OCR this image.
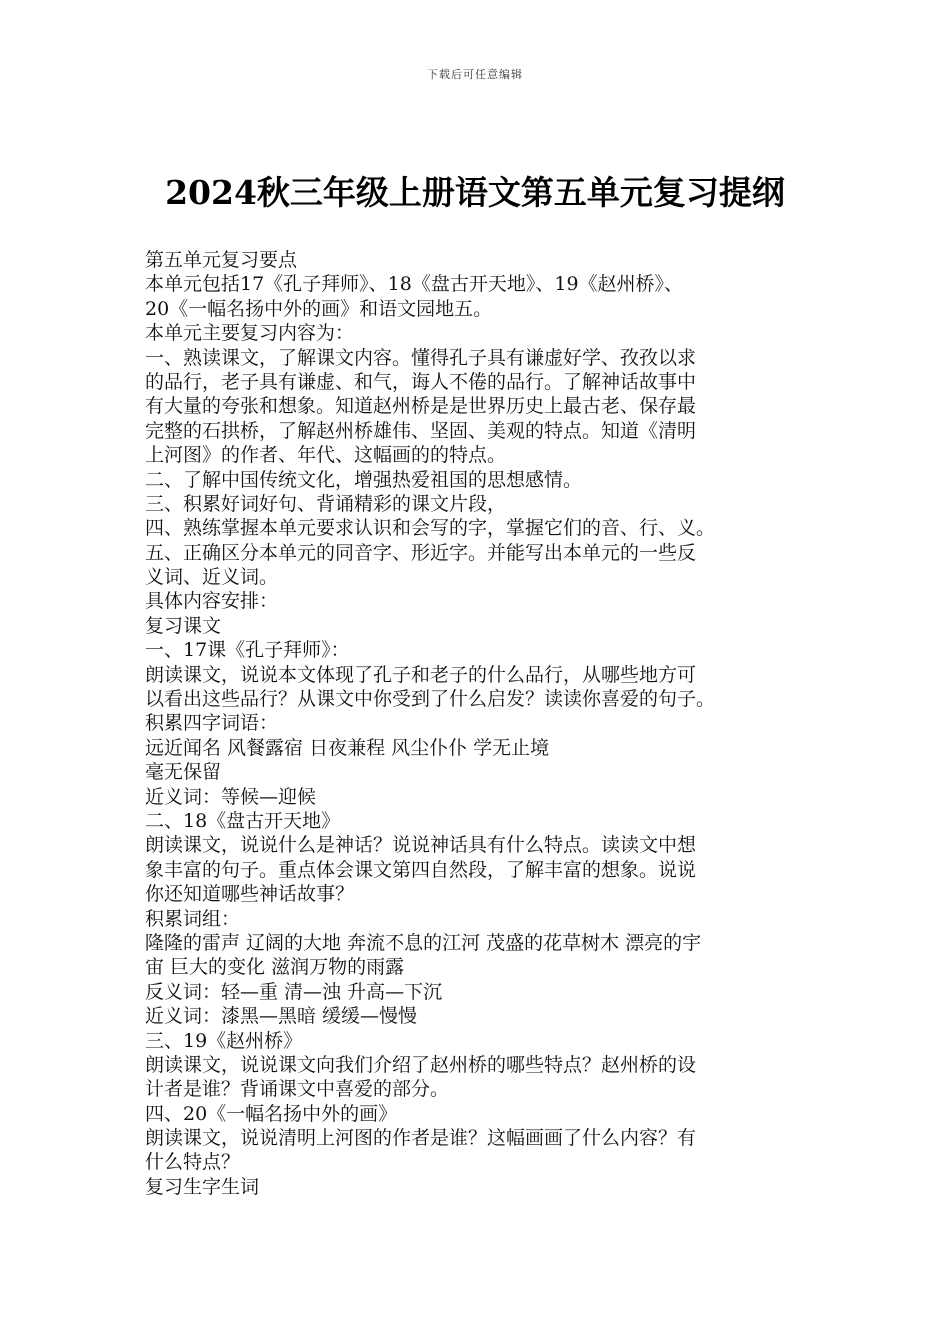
下载后可任意编辑
2024秋三年级上册语文第五单元复习提纲
第五单元复习要点
本单元包括17《孔子拜师》、18《盘古开天地》、19《赵州桥》、
20《一幅名扬中外的画》和语文园地五。
本单元主要复习内容为：
一、熟读课文，了解课文内容。懂得孔子具有谦虚好学、孜孜以求
的品行，老子具有谦虚、和气，诲人不倦的品行。了解神话故事中
有大量的夸张和想象。知道赵州桥是是世界历史上最古老、保存最
完整的石拱桥，了解赵州桥雄伟、坚固、美观的特点。知道《清明
上河图》的作者、年代、这幅画的的特点。
二、了解中国传统文化，增强热爱祖国的思想感情。
三、积累好词好句、背诵精彩的课文片段，
四、熟练掌握本单元要求认识和会写的字，掌握它们的音、行、义。
五、正确区分本单元的同音字、形近字。并能写出本单元的一些反
义词、近义词。
具体内容安排：
复习课文
一、17课《孔子拜师》：
朗读课文，说说本文体现了孔子和老子的什么品行，从哪些地方可
以看出这些品行？从课文中你受到了什么启发？读读你喜爱的句子。
积累四字词语：
远近闻名 风餐露宿 日夜兼程 风尘仆仆 学无止境
毫无保留
近义词：等候—迎候
二、18《盘古开天地》
朗读课文，说说什么是神话？说说神话具有什么特点。读读文中想
象丰富的句子。重点体会课文第四自然段，了解丰富的想象。说说
你还知道哪些神话故事？
积累词组：
隆隆的雷声 辽阔的大地 奔流不息的江河 茂盛的花草树木 漂亮的宇
宙 巨大的变化 滋润万物的雨露
反义词：轻—重 清—浊 升高—下沉
近义词：漆黑—黑暗 缓缓—慢慢
三、19《赵州桥》
朗读课文，说说课文向我们介绍了赵州桥的哪些特点？赵州桥的设
计者是谁？背诵课文中喜爱的部分。
四、20《一幅名扬中外的画》
朗读课文，说说清明上河图的作者是谁？这幅画画了什么内容？有
什么特点？
复习生字生词
